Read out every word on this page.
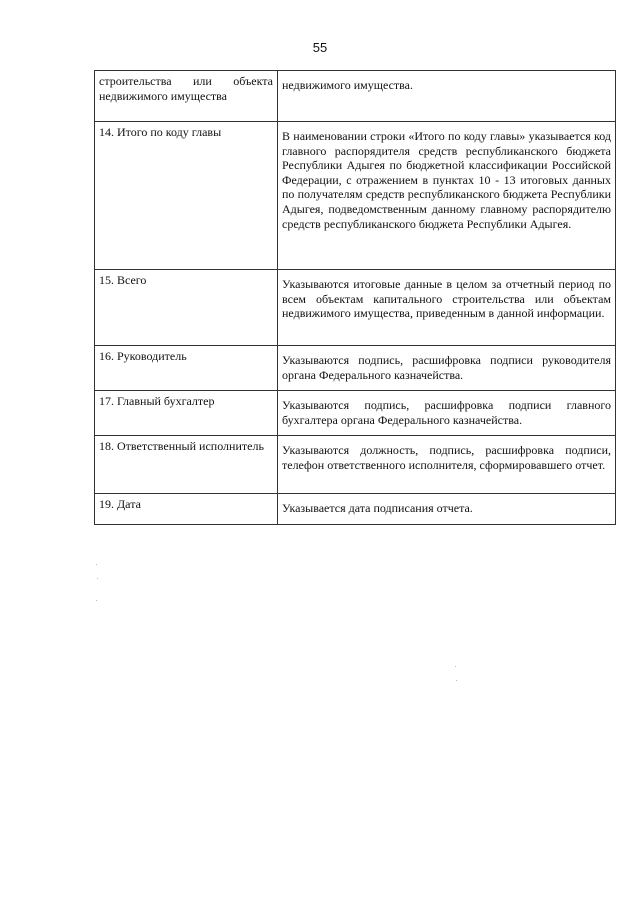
55
строительства или объекта недвижимого имущества	недвижимого имущества.
14. Итого по коду главы	В наименовании строки «Итого по коду главы» указывается код главного распорядителя средств республиканского бюджета Республики Адыгея по бюджетной классификации Российской Федерации, с отражением в пунктах 10 - 13 итоговых данных по получателям средств республиканского бюджета Республики Адыгея, подведомственным данному главному распорядителю средств республиканского бюджета Республики Адыгея.
15. Всего	Указываются итоговые данные в целом за отчетный период по всем объектам капитального строительства или объектам недвижимого имущества, приведенным в данной информации.
16. Руководитель	Указываются подпись, расшифровка подписи руководителя органа Федерального казначейства.
17. Главный бухгалтер	Указываются подпись, расшифровка подписи главного бухгалтера органа Федерального казначейства.
18. Ответственный исполнитель	Указываются должность, подпись, расшифровка подписи, телефон ответственного исполнителя, сформировавшего отчет.
19. Дата	Указывается дата подписания отчета.
